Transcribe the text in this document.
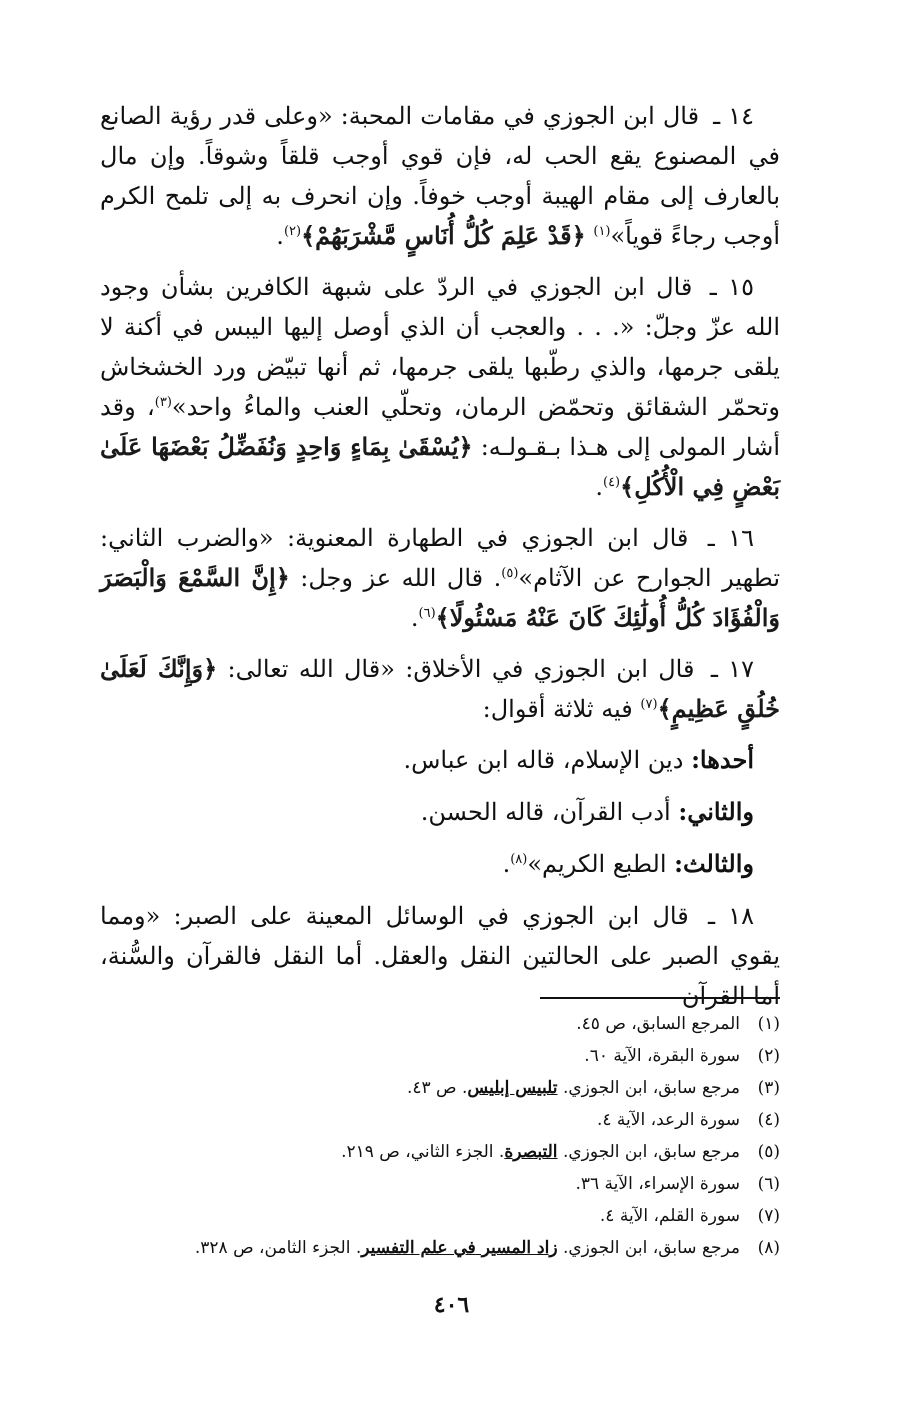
١٤ ـ قال ابن الجوزي في مقامات المحبة: «وعلى قدر رؤية الصانع في المصنوع يقع الحب له، فإن قوي أوجب قلقاً وشوقاً. وإن مال بالعارف إلى مقام الهيبة أوجب خوفاً. وإن انحرف به إلى تلمح الكرم أوجب رجاءً قوياً»$^{(١)}$ ﴿قَدْ عَلِمَ كُلُّ أُنَاسٍ مَّشْرَبَهُمْ﴾$^{(٢)}$.

١٥ ـ قال ابن الجوزي في الردّ على شبهة الكافرين بشأن وجود الله عزّ وجلّ: «. . . والعجب أن الذي أوصل إليها اليبس في أكنة لا يلقى جرمها، والذي رطّبها يلقى جرمها، ثم أنها تبيّض ورد الخشخاش وتحمّر الشقائق وتحمّض الرمان، وتحلّي العنب والماءُ واحد»$^{(٣)}$، وقد أشار المولى إلى هـذا بـقـولـه: ﴿يُسْقَىٰ بِمَاءٍ وَاحِدٍ وَنُفَضِّلُ بَعْضَهَا عَلَىٰ بَعْضٍ فِي الْأُكُلِ﴾$^{(٤)}$.

١٦ ـ قال ابن الجوزي في الطهارة المعنوية: «والضرب الثاني: تطهير الجوارح عن الآثام»$^{(٥)}$. قال الله عز وجل: ﴿إِنَّ السَّمْعَ وَالْبَصَرَ وَالْفُؤَادَ كُلُّ أُولَٰئِكَ كَانَ عَنْهُ مَسْئُولًا﴾$^{(٦)}$.

١٧ ـ قال ابن الجوزي في الأخلاق: «قال الله تعالى: ﴿وَإِنَّكَ لَعَلَىٰ خُلُقٍ عَظِيمٍ﴾$^{(٧)}$ فيه ثلاثة أقوال:

أحدها: دين الإسلام، قاله ابن عباس.
والثاني: أدب القرآن، قاله الحسن.
والثالث: الطبع الكريم»$^{(٨)}$.

١٨ ـ قال ابن الجوزي في الوسائل المعينة على الصبر: «ومما يقوي الصبر على الحالتين النقل والعقل. أما النقل فالقرآن والسُّنة، أما القرآن

(١)
المرجع السابق، ص ٤٥.
(٢)
سورة البقرة، الآية ٦٠.
(٣)
مرجع سابق، ابن الجوزي. تلبيس إبليس. ص ٤٣.
(٤)
سورة الرعد، الآية ٤.
(٥)
مرجع سابق، ابن الجوزي. التبصرة. الجزء الثاني، ص ٢١٩.
(٦)
سورة الإسراء، الآية ٣٦.
(٧)
سورة القلم، الآية ٤.
(٨)
مرجع سابق، ابن الجوزي. زاد المسير في علم التفسير. الجزء الثامن، ص ٣٢٨.
٤٠٦
